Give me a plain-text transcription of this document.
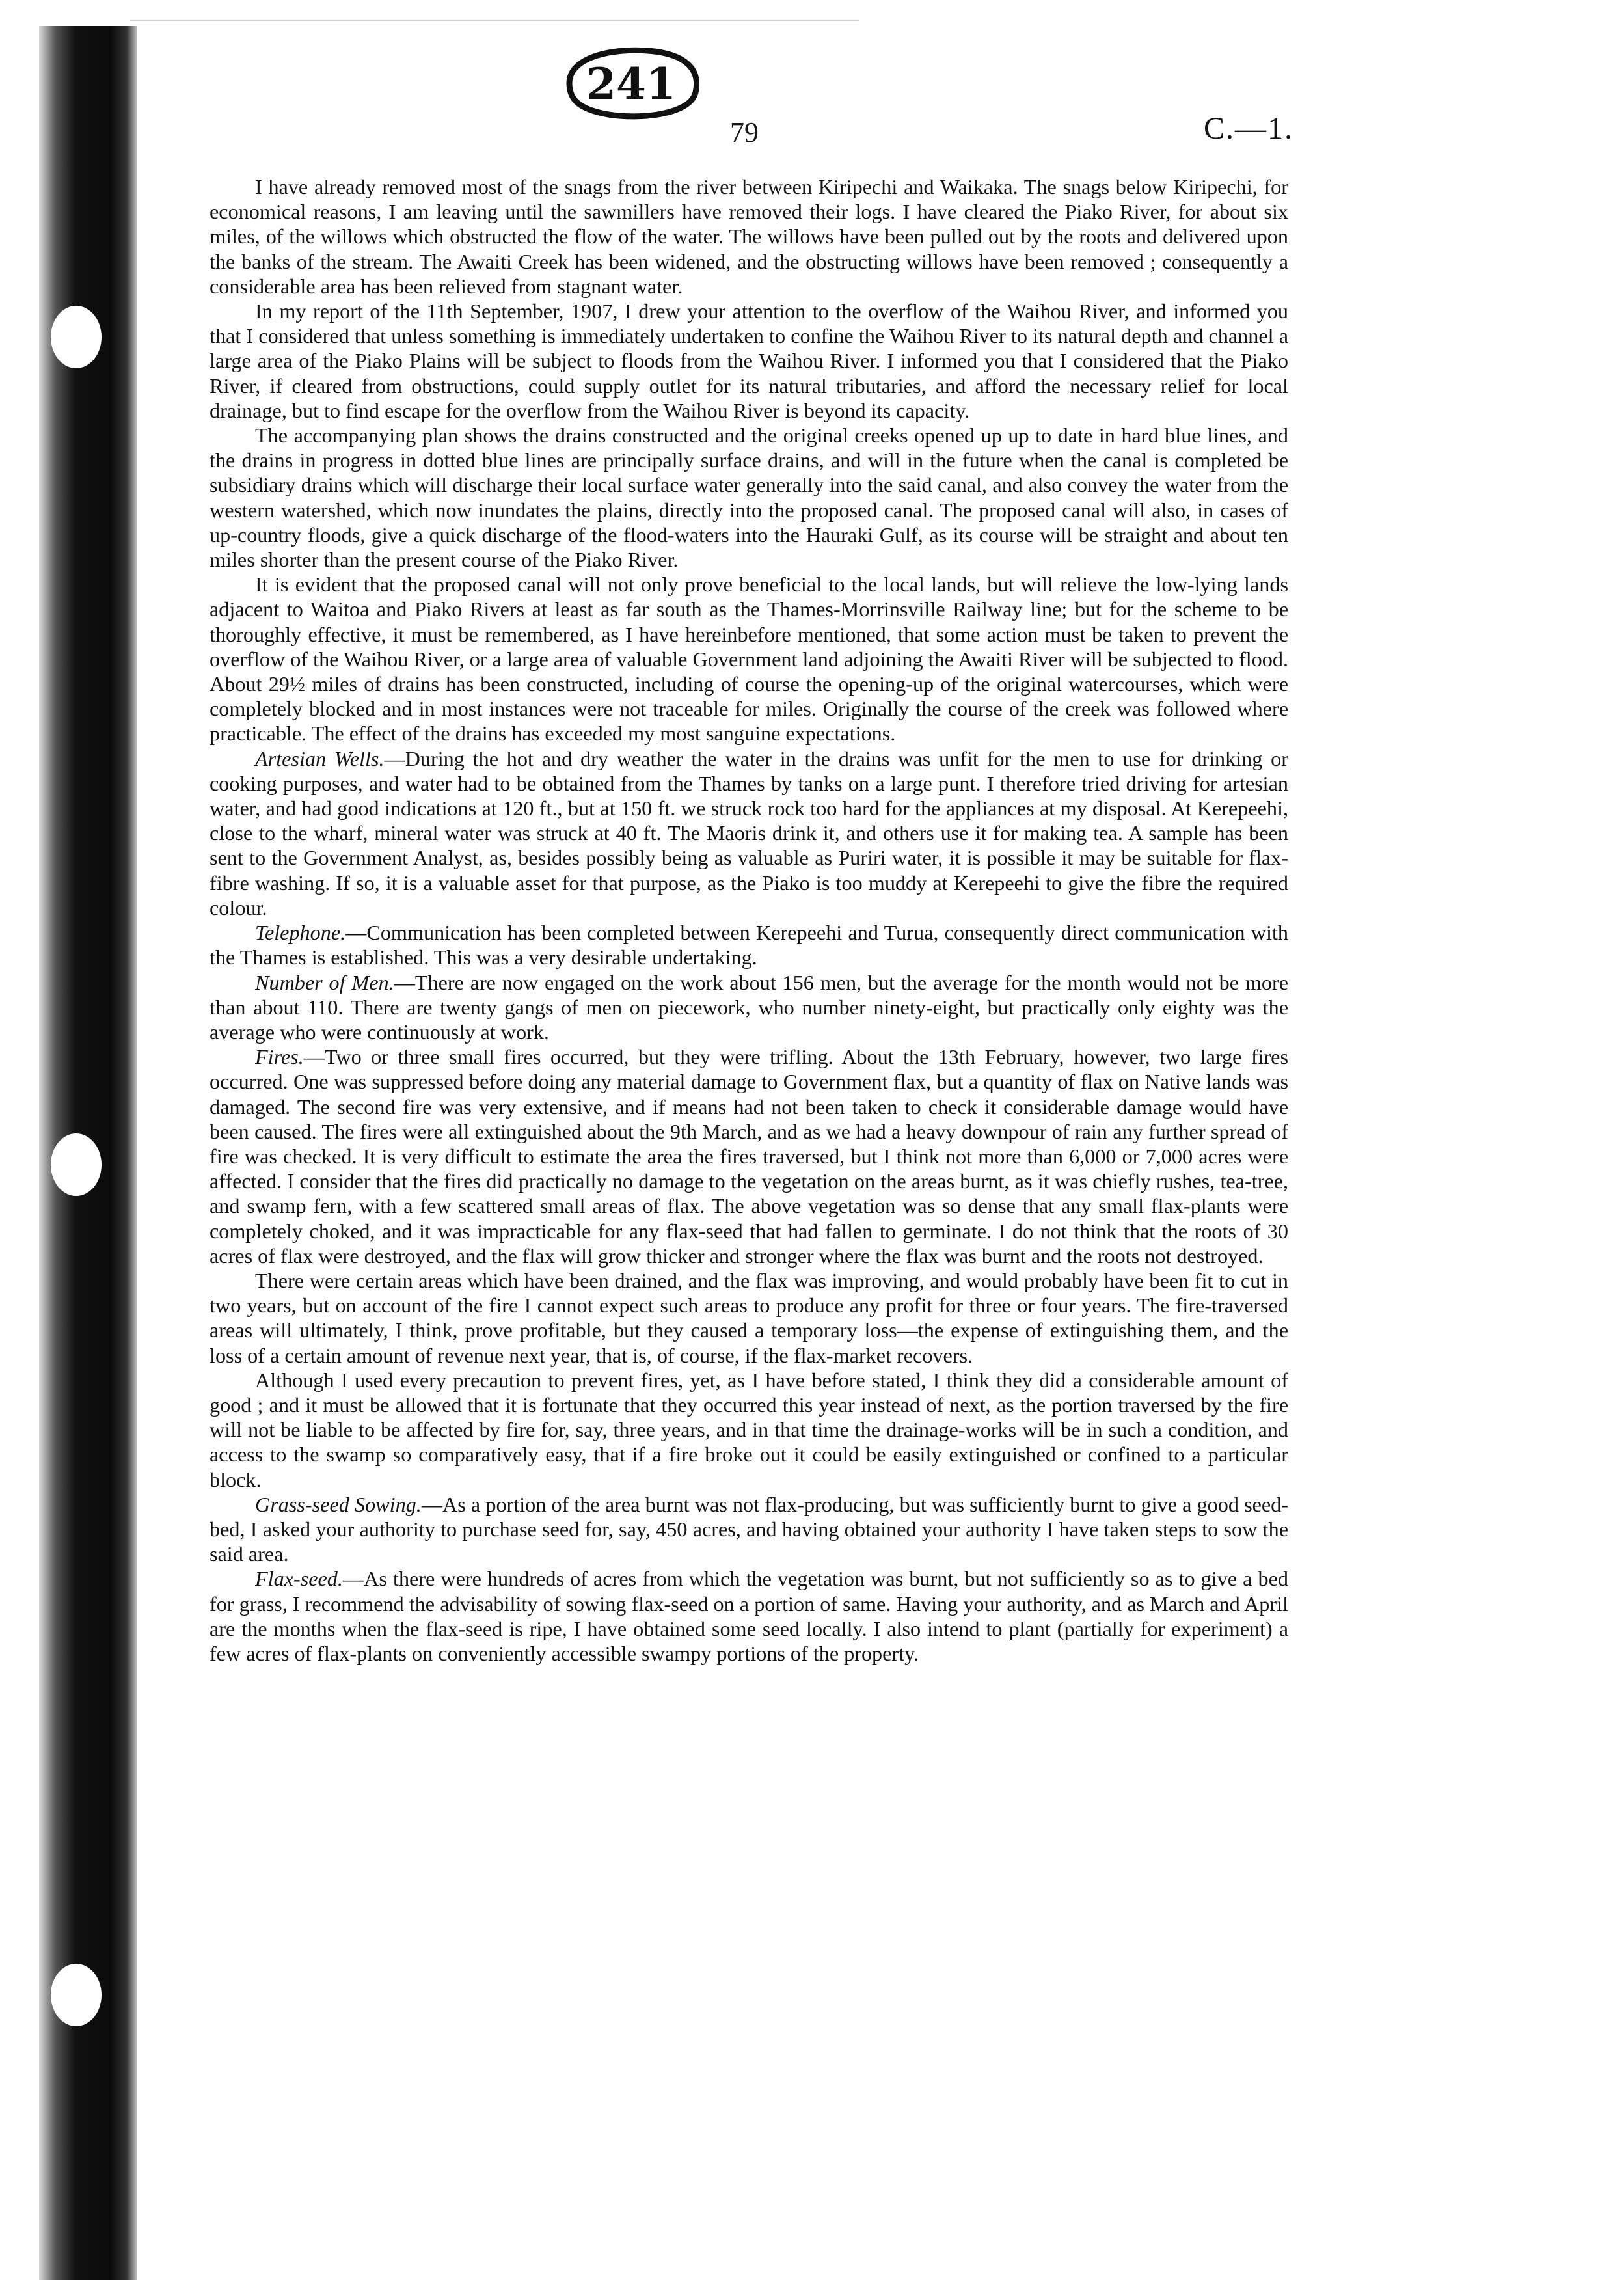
241
79	C.—1.

I have already removed most of the snags from the river between Kiripechi and Waikaka. The snags below Kiripechi, for economical reasons, I am leaving until the sawmillers have removed their logs. I have cleared the Piako River, for about six miles, of the willows which obstructed the flow of the water. The willows have been pulled out by the roots and delivered upon the banks of the stream. The Awaiti Creek has been widened, and the obstructing willows have been removed ; consequently a considerable area has been relieved from stagnant water.

In my report of the 11th September, 1907, I drew your attention to the overflow of the Waihou River, and informed you that I considered that unless something is immediately undertaken to confine the Waihou River to its natural depth and channel a large area of the Piako Plains will be subject to floods from the Waihou River. I informed you that I considered that the Piako River, if cleared from obstructions, could supply outlet for its natural tributaries, and afford the necessary relief for local drainage, but to find escape for the overflow from the Waihou River is beyond its capacity.

The accompanying plan shows the drains constructed and the original creeks opened up up to date in hard blue lines, and the drains in progress in dotted blue lines are principally surface drains, and will in the future when the canal is completed be subsidiary drains which will discharge their local surface water generally into the said canal, and also convey the water from the western watershed, which now inundates the plains, directly into the proposed canal. The proposed canal will also, in cases of up-country floods, give a quick discharge of the flood-waters into the Hauraki Gulf, as its course will be straight and about ten miles shorter than the present course of the Piako River.

It is evident that the proposed canal will not only prove beneficial to the local lands, but will relieve the low-lying lands adjacent to Waitoa and Piako Rivers at least as far south as the Thames-Morrinsville Railway line; but for the scheme to be thoroughly effective, it must be remembered, as I have hereinbefore mentioned, that some action must be taken to prevent the overflow of the Waihou River, or a large area of valuable Government land adjoining the Awaiti River will be subjected to flood. About 29½ miles of drains has been constructed, including of course the opening-up of the original watercourses, which were completely blocked and in most instances were not traceable for miles. Originally the course of the creek was followed where practicable. The effect of the drains has exceeded my most sanguine expectations.

Artesian Wells.—During the hot and dry weather the water in the drains was unfit for the men to use for drinking or cooking purposes, and water had to be obtained from the Thames by tanks on a large punt. I therefore tried driving for artesian water, and had good indications at 120 ft., but at 150 ft. we struck rock too hard for the appliances at my disposal. At Kerepeehi, close to the wharf, mineral water was struck at 40 ft. The Maoris drink it, and others use it for making tea. A sample has been sent to the Government Analyst, as, besides possibly being as valuable as Puriri water, it is possible it may be suitable for flax-fibre washing. If so, it is a valuable asset for that purpose, as the Piako is too muddy at Kerepeehi to give the fibre the required colour.

Telephone.—Communication has been completed between Kerepeehi and Turua, consequently direct communication with the Thames is established. This was a very desirable undertaking.

Number of Men.—There are now engaged on the work about 156 men, but the average for the month would not be more than about 110. There are twenty gangs of men on piecework, who number ninety-eight, but practically only eighty was the average who were continuously at work.

Fires.—Two or three small fires occurred, but they were trifling. About the 13th February, however, two large fires occurred. One was suppressed before doing any material damage to Government flax, but a quantity of flax on Native lands was damaged. The second fire was very extensive, and if means had not been taken to check it considerable damage would have been caused. The fires were all extinguished about the 9th March, and as we had a heavy downpour of rain any further spread of fire was checked. It is very difficult to estimate the area the fires traversed, but I think not more than 6,000 or 7,000 acres were affected. I consider that the fires did practically no damage to the vegetation on the areas burnt, as it was chiefly rushes, tea-tree, and swamp fern, with a few scattered small areas of flax. The above vegetation was so dense that any small flax-plants were completely choked, and it was impracticable for any flax-seed that had fallen to germinate. I do not think that the roots of 30 acres of flax were destroyed, and the flax will grow thicker and stronger where the flax was burnt and the roots not destroyed.

There were certain areas which have been drained, and the flax was improving, and would probably have been fit to cut in two years, but on account of the fire I cannot expect such areas to produce any profit for three or four years. The fire-traversed areas will ultimately, I think, prove profitable, but they caused a temporary loss—the expense of extinguishing them, and the loss of a certain amount of revenue next year, that is, of course, if the flax-market recovers.

Although I used every precaution to prevent fires, yet, as I have before stated, I think they did a considerable amount of good ; and it must be allowed that it is fortunate that they occurred this year instead of next, as the portion traversed by the fire will not be liable to be affected by fire for, say, three years, and in that time the drainage-works will be in such a condition, and access to the swamp so comparatively easy, that if a fire broke out it could be easily extinguished or confined to a particular block.

Grass-seed Sowing.—As a portion of the area burnt was not flax-producing, but was sufficiently burnt to give a good seed-bed, I asked your authority to purchase seed for, say, 450 acres, and having obtained your authority I have taken steps to sow the said area.

Flax-seed.—As there were hundreds of acres from which the vegetation was burnt, but not sufficiently so as to give a bed for grass, I recommend the advisability of sowing flax-seed on a portion of same. Having your authority, and as March and April are the months when the flax-seed is ripe, I have obtained some seed locally. I also intend to plant (partially for experiment) a few acres of flax-plants on conveniently accessible swampy portions of the property.
